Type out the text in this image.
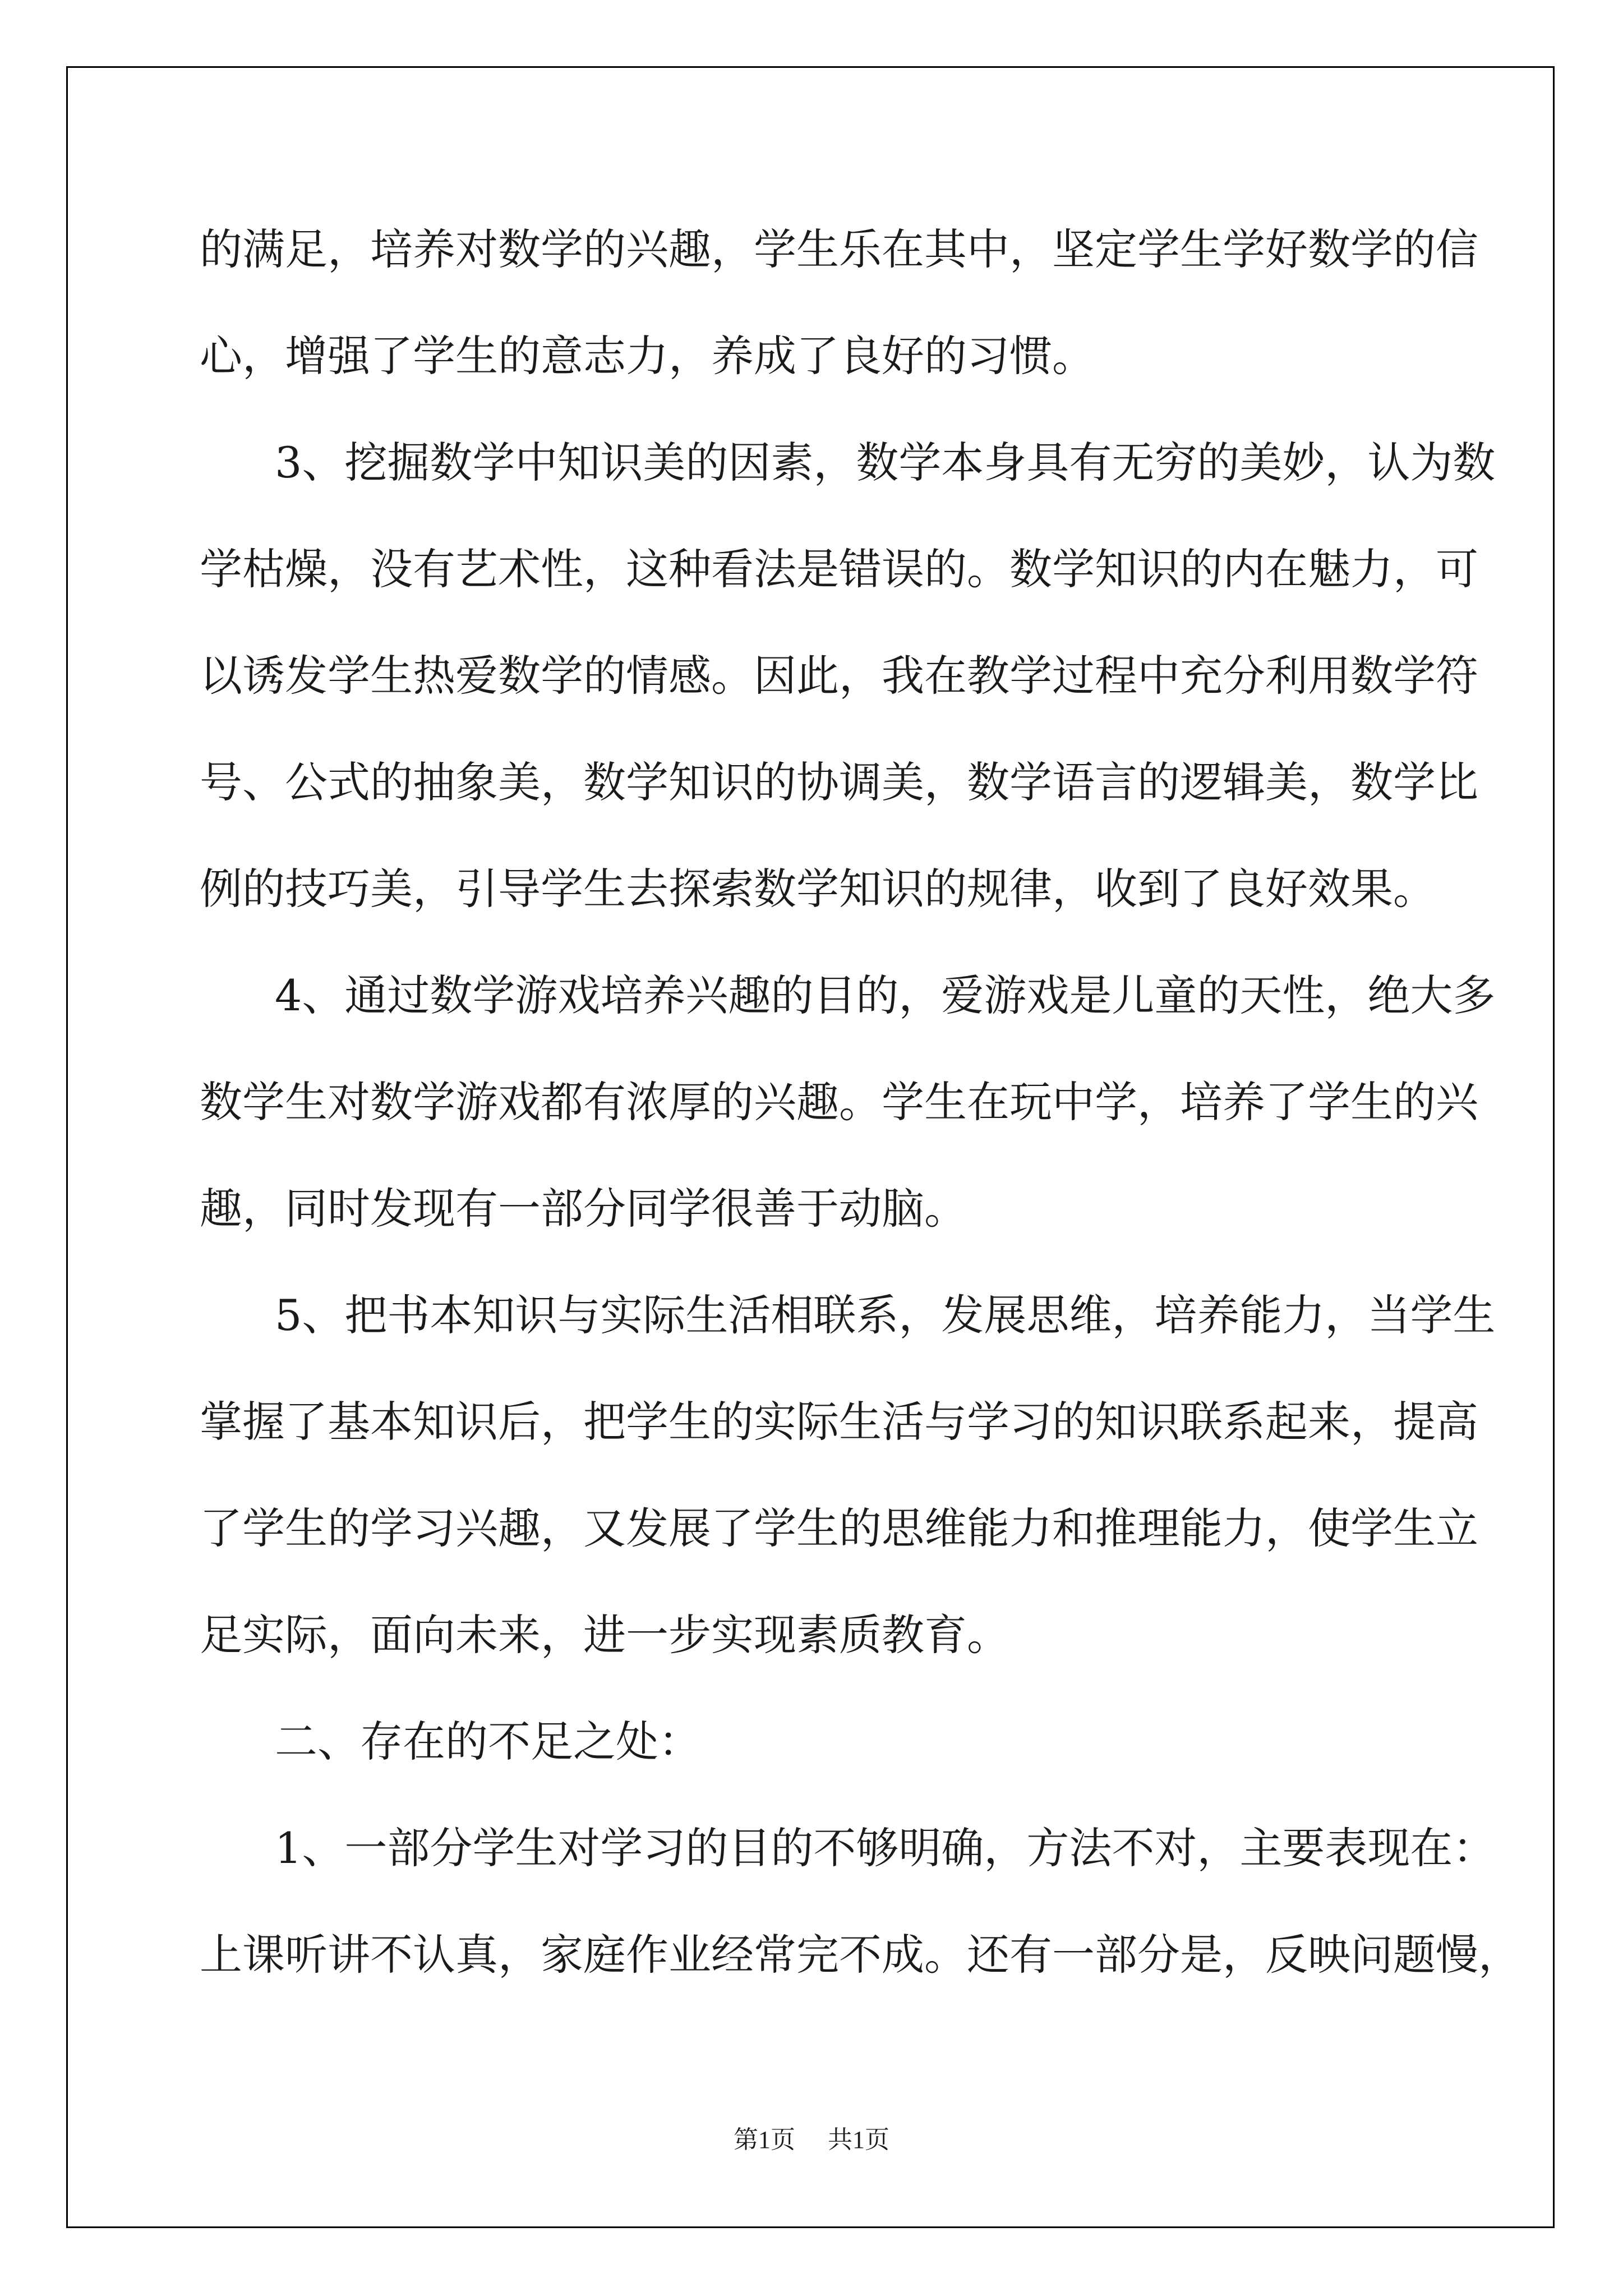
的满足，培养对数学的兴趣，学生乐在其中，坚定学生学好数学的信

心，增强了学生的意志力，养成了良好的习惯。

3、挖掘数学中知识美的因素，数学本身具有无穷的美妙，认为数

学枯燥，没有艺术性，这种看法是错误的。数学知识的内在魅力，可

以诱发学生热爱数学的情感。因此，我在教学过程中充分利用数学符

号、公式的抽象美，数学知识的协调美，数学语言的逻辑美，数学比

例的技巧美，引导学生去探索数学知识的规律，收到了良好效果。

4、通过数学游戏培养兴趣的目的，爱游戏是儿童的天性，绝大多

数学生对数学游戏都有浓厚的兴趣。学生在玩中学，培养了学生的兴

趣，同时发现有一部分同学很善于动脑。

5、把书本知识与实际生活相联系，发展思维，培养能力，当学生

掌握了基本知识后，把学生的实际生活与学习的知识联系起来，提高

了学生的学习兴趣，又发展了学生的思维能力和推理能力，使学生立

足实际，面向未来，进一步实现素质教育。

二、存在的不足之处：

1、一部分学生对学习的目的不够明确，方法不对，主要表现在：

上课听讲不认真，家庭作业经常完不成。还有一部分是，反映问题慢，

第1页 共1页
